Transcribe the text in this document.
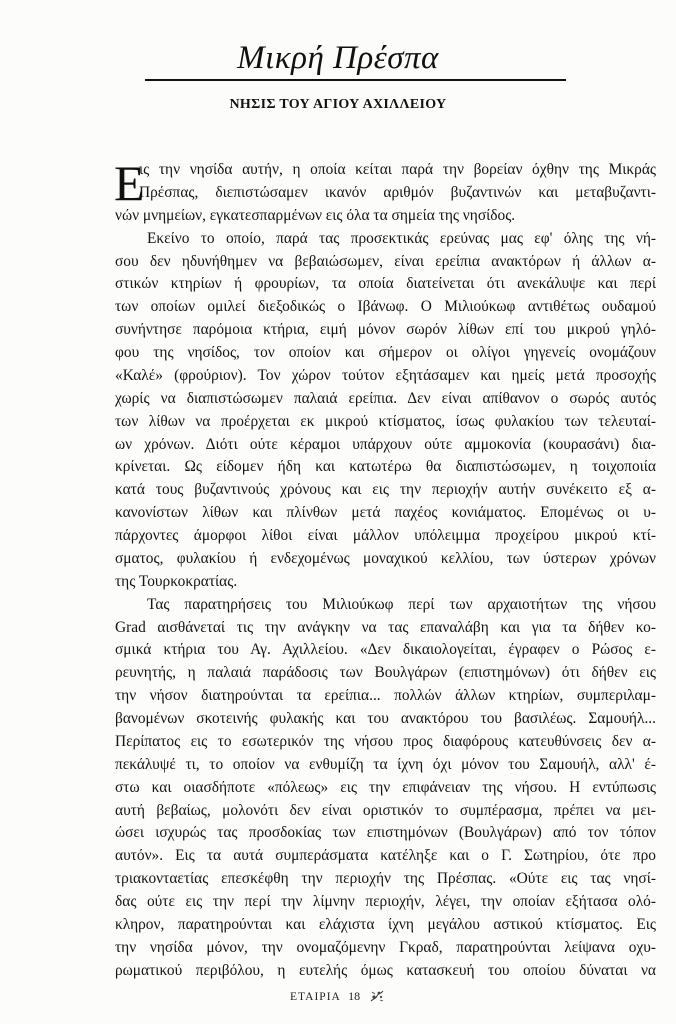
Μικρή Πρέσπα
ΝΗΣΙΣ ΤΟΥ ΑΓΙΟΥ ΑΧΙΛΛΕΙΟΥ
Ε
ις την νησίδα αυτήν, η οποία κείται παρά την βορείαν όχθην της Μικράς
Πρέσπας, διεπιστώσαμεν ικανόν αριθμόν βυζαντινών και μεταβυζαντι-
νών μνημείων, εγκατεσπαρμένων εις όλα τα σημεία της νησίδος.
Εκείνο το οποίο, παρά τας προσεκτικάς ερεύνας μας εφ' όλης της νή-
σου δεν ηδυνήθημεν να βεβαιώσωμεν, είναι ερείπια ανακτόρων ή άλλων α-
στικών κτηρίων ή φρουρίων, τα οποία διατείνεται ότι ανεκάλυψε και περί
των οποίων ομιλεί διεξοδικώς ο Ιβάνωφ. Ο Μιλιούκωφ αντιθέτως ουδαμού
συνήντησε παρόμοια κτήρια, ειμή μόνον σωρόν λίθων επί του μικρού γηλό-
φου της νησίδος, τον οποίον και σήμερον οι ολίγοι γηγενείς ονομάζουν
«Καλέ» (φρούριον). Τον χώρον τούτον εξητάσαμεν και ημείς μετά προσοχής
χωρίς να διαπιστώσωμεν παλαιά ερείπια. Δεν είναι απίθανον ο σωρός αυτός
των λίθων να προέρχεται εκ μικρού κτίσματος, ίσως φυλακίου των τελευταί-
ων χρόνων. Διότι ούτε κέραμοι υπάρχουν ούτε αμμοκονία (κουρασάνι) δια-
κρίνεται. Ως είδομεν ήδη και κατωτέρω θα διαπιστώσωμεν, η τοιχοποιία
κατά τους βυζαντινούς χρόνους και εις την περιοχήν αυτήν συνέκειτο εξ α-
κανονίστων λίθων και πλίνθων μετά παχέος κονιάματος. Επομένως οι υ-
πάρχοντες άμορφοι λίθοι είναι μάλλον υπόλειμμα προχείρου μικρού κτί-
σματος, φυλακίου ή ενδεχομένως μοναχικού κελλίου, των ύστερων χρόνων
της Τουρκοκρατίας.
Τας παρατηρήσεις του Μιλιούκωφ περί των αρχαιοτήτων της νήσου
Grad αισθάνεταί τις την ανάγκην να τας επαναλάβη και για τα δήθεν κο-
σμικά κτήρια του Αγ. Αχιλλείου. «Δεν δικαιολογείται, έγραφεν ο Ρώσος ε-
ρευνητής, η παλαιά παράδοσις των Βουλγάρων (επιστημόνων) ότι δήθεν εις
την νήσον διατηρούνται τα ερείπια... πολλών άλλων κτηρίων, συμπεριλαμ-
βανομένων σκοτεινής φυλακής και του ανακτόρου του βασιλέως. Σαμουήλ...
Περίπατος εις το εσωτερικόν της νήσου προς διαφόρους κατευθύνσεις δεν α-
πεκάλυψέ τι, το οποίον να ενθυμίζη τα ίχνη όχι μόνον του Σαμουήλ, αλλ' έ-
στω και οιασδήποτε «πόλεως» εις την επιφάνειαν της νήσου. Η εντύπωσις
αυτή βεβαίως, μολονότι δεν είναι οριστικόν το συμπέρασμα, πρέπει να μει-
ώσει ισχυρώς τας προσδοκίας των επιστημόνων (Βουλγάρων) από τον τόπον
αυτόν». Εις τα αυτά συμπεράσματα κατέληξε και ο Γ. Σωτηρίου, ότε προ
τριακονταετίας επεσκέφθη την περιοχήν της Πρέσπας. «Ούτε εις τας νησί-
δας ούτε εις την περί την λίμνην περιοχήν, λέγει, την οποίαν εξήτασα ολό-
κληρον, παρατηρούνται και ελάχιστα ίχνη μεγάλου αστικού κτίσματος. Εις
την νησίδα μόνον, την ονομαζόμενην Γκραδ, παρατηρούνται λείψανα οχυ-
ρωματικού περιβόλου, η ευτελής όμως κατασκευή του οποίου δύναται να
ΕΤΑΙΡΙΑ 18
